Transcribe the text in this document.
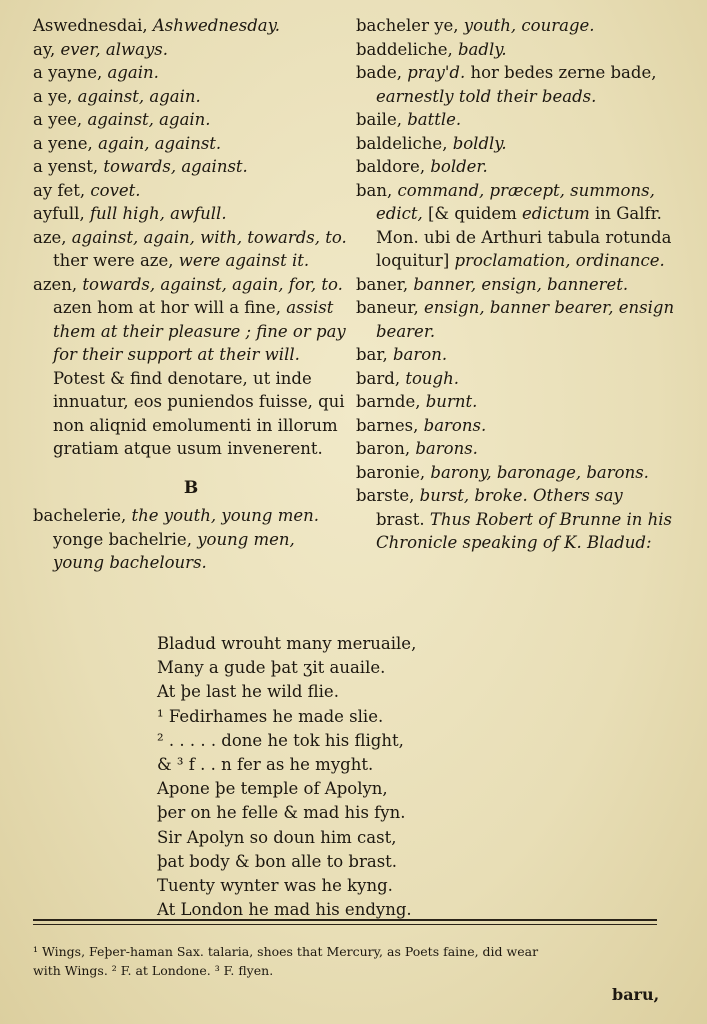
Aswednesdai, Ashwednesday.

ay, ever, always.

a yayne, again.

a ye, against, again.

a yee, against, again.

a yene, again, against.

a yenst, towards, against.

ay fet, covet.

ayfull, full high, awfull.

aze, against, again, with, towards, to. ther were aze, were against it.

azen, towards, against, again, for, to. azen hom at hor will a fine, assist them at their pleasure ; fine or pay for their support at their will. Potest & find denotare, ut inde innuatur, eos puniendos fuisse, qui non aliqnid emolumenti in illorum gratiam atque usum invenerent.

B

bachelerie, the youth, young men. yonge bachelrie, young men, young bachelours.

bacheler ye, youth, courage.

baddeliche, badly.

bade, pray'd. hor bedes zerne bade, earnestly told their beads.

baile, battle.

baldeliche, boldly.

baldore, bolder.

ban, command, præcept, summons, edict, [& quidem edictum in Galfr. Mon. ubi de Arthuri tabula rotunda loquitur] proclamation, ordinance.

baner, banner, ensign, banneret.

baneur, ensign, banner bearer, ensign bearer.

bar, baron.

bard, tough.

barnde, burnt.

barnes, barons.

baron, barons.

baronie, barony, baronage, barons.

barste, burst, broke. Others say brast. Thus Robert of Brunne in his Chronicle speaking of K. Bladud:

Bladud wrouht many meruaile,

Many a gude þat ʒit auaile.

At þe last he wild flie.

¹ Fedirhames he made slie.

² . . . . . done he tok his flight,

& ³ f . . n fer as he myght.

Apone þe temple of Apolyn,

þer on he felle & mad his fyn.

Sir Apolyn so doun him cast,

þat body & bon alle to brast.

Tuenty wynter was he kyng.

At London he mad his endyng.

¹ Wings, Feþer-haman Sax. talaria, shoes that Mercury, as Poets faine, did wear

with Wings. ² F. at Londone. ³ F. flyen.

baru,
